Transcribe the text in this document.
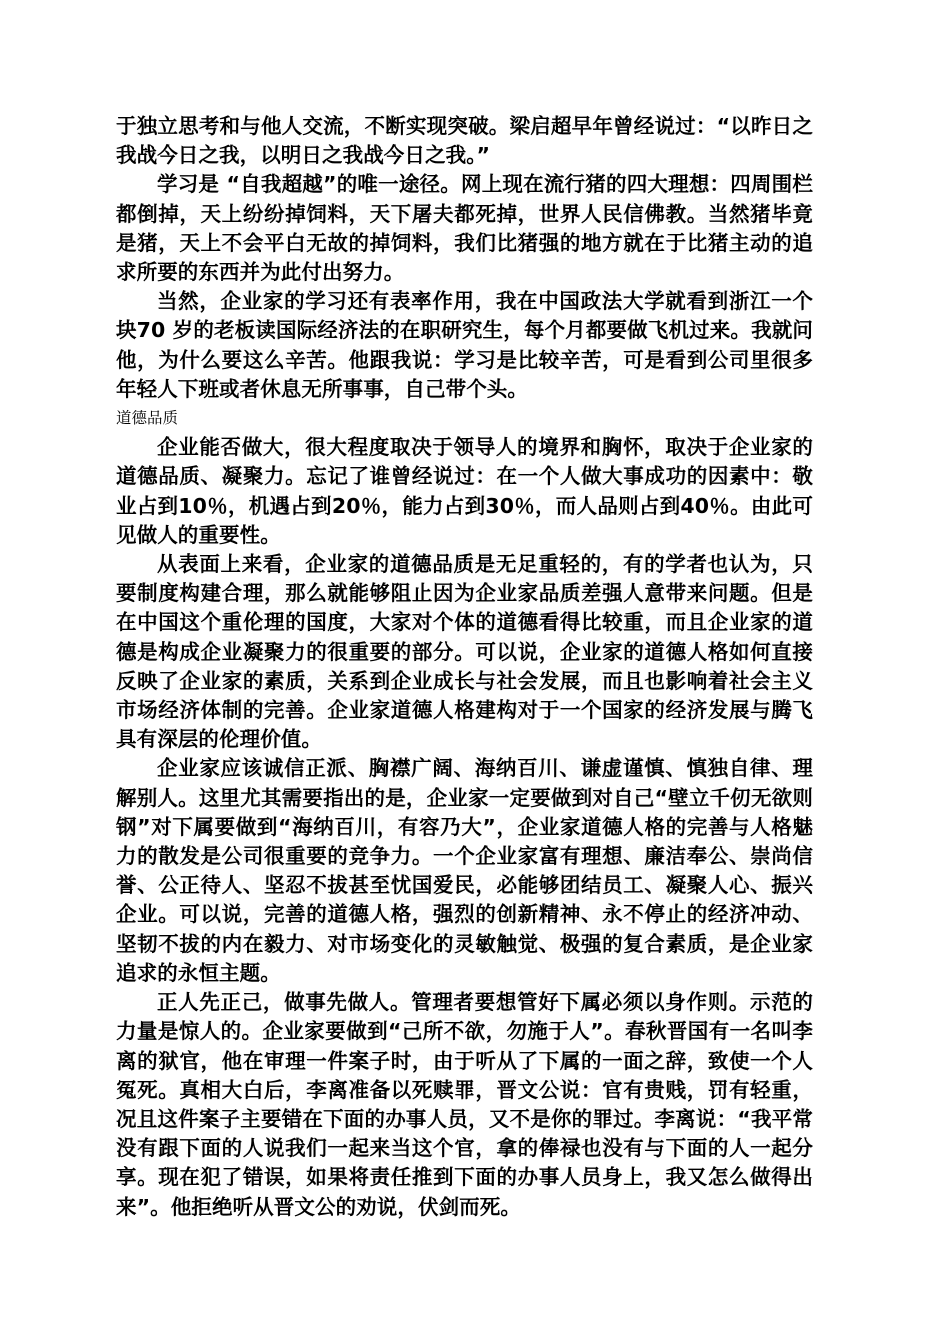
于独立思考和与他人交流，不断实现突破。梁启超早年曾经说过：“以昨日之我战今日之我，以明日之我战今日之我。”

学习是 “自我超越”的唯一途径。网上现在流行猪的四大理想：四周围栏都倒掉，天上纷纷掉饲料，天下屠夫都死掉，世界人民信佛教。当然猪毕竟是猪，天上不会平白无故的掉饲料，我们比猪强的地方就在于比猪主动的追求所要的东西并为此付出努力。

当然，企业家的学习还有表率作用，我在中国政法大学就看到浙江一个块70 岁的老板读国际经济法的在职研究生，每个月都要做飞机过来。我就问他，为什么要这么辛苦。他跟我说：学习是比较辛苦，可是看到公司里很多年轻人下班或者休息无所事事，自己带个头。

道德品质

企业能否做大，很大程度取决于领导人的境界和胸怀，取决于企业家的道德品质、凝聚力。忘记了谁曾经说过：在一个人做大事成功的因素中：敬业占到10％，机遇占到20％，能力占到30％，而人品则占到40％。由此可见做人的重要性。

从表面上来看，企业家的道德品质是无足重轻的，有的学者也认为，只要制度构建合理，那么就能够阻止因为企业家品质差强人意带来问题。但是在中国这个重伦理的国度，大家对个体的道德看得比较重，而且企业家的道德是构成企业凝聚力的很重要的部分。可以说，企业家的道德人格如何直接反映了企业家的素质，关系到企业成长与社会发展，而且也影响着社会主义市场经济体制的完善。企业家道德人格建构对于一个国家的经济发展与腾飞具有深层的伦理价值。

企业家应该诚信正派、胸襟广阔、海纳百川、谦虚谨慎、慎独自律、理解别人。这里尤其需要指出的是，企业家一定要做到对自己“壁立千仞无欲则钢”对下属要做到“海纳百川，有容乃大”，企业家道德人格的完善与人格魅力的散发是公司很重要的竞争力。一个企业家富有理想、廉洁奉公、崇尚信誉、公正待人、坚忍不拔甚至忧国爱民，必能够团结员工、凝聚人心、振兴企业。可以说，完善的道德人格，强烈的创新精神、永不停止的经济冲动、坚韧不拔的内在毅力、对市场变化的灵敏触觉、极强的复合素质，是企业家追求的永恒主题。

正人先正己，做事先做人。管理者要想管好下属必须以身作则。示范的力量是惊人的。企业家要做到“己所不欲，勿施于人”。春秋晋国有一名叫李离的狱官，他在审理一件案子时，由于听从了下属的一面之辞，致使一个人冤死。真相大白后，李离准备以死赎罪，晋文公说：官有贵贱，罚有轻重，况且这件案子主要错在下面的办事人员，又不是你的罪过。李离说：“我平常没有跟下面的人说我们一起来当这个官，拿的俸禄也没有与下面的人一起分享。现在犯了错误，如果将责任推到下面的办事人员身上，我又怎么做得出来”。他拒绝听从晋文公的劝说，伏剑而死。
